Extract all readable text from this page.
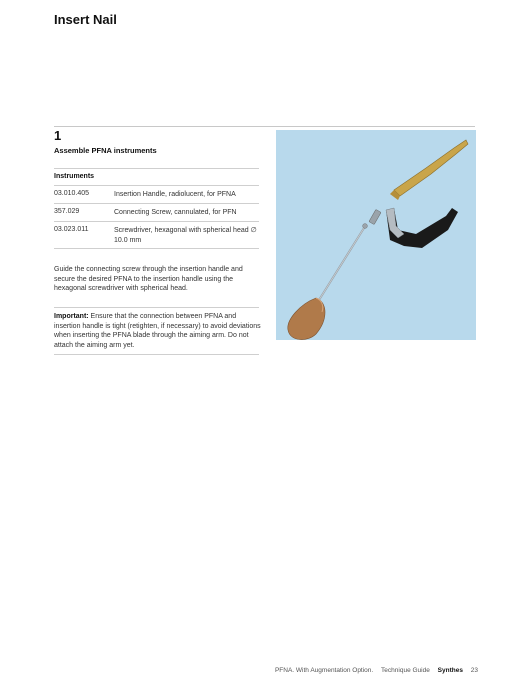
Insert Nail
1
Assemble PFNA instruments
Instruments
03.010.405	Insertion Handle, radiolucent, for PFNA
357.029	Connecting Screw, cannulated, for PFN
03.023.011	Screwdriver, hexagonal with spherical head ∅ 10.0 mm
Guide the connecting screw through the insertion handle and secure the desired PFNA to the insertion handle using the hexagonal screwdriver with spherical head.
Important: Ensure that the connection between PFNA and insertion handle is tight (retighten, if necessary) to avoid deviations when inserting the PFNA blade through the aiming arm. Do not attach the aiming arm yet.
PFNA. With Augmentation Option. Technique Guide Synthes 23
